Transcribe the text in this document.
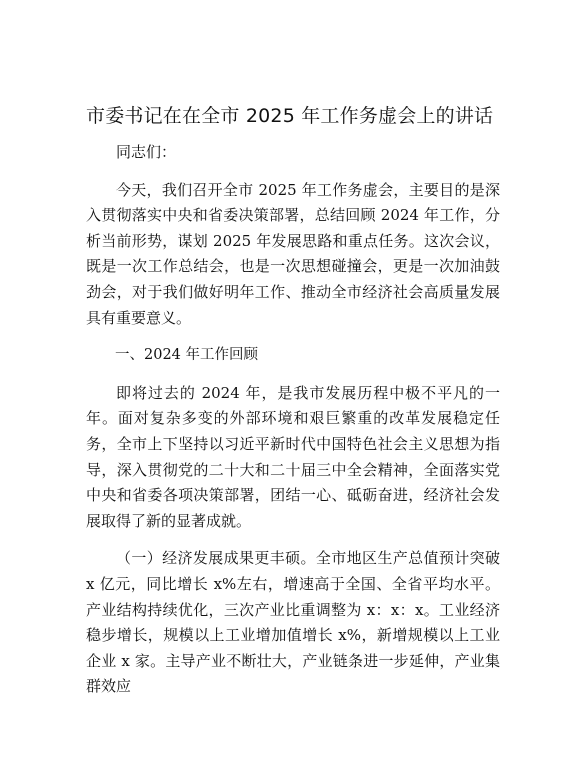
市委书记在在全市 2025 年工作务虚会上的讲话

同志们：

今天，我们召开全市 2025 年工作务虚会，主要目的是深入贯彻落实中央和省委决策部署，总结回顾 2024 年工作，分析当前形势，谋划 2025 年发展思路和重点任务。这次会议，既是一次工作总结会，也是一次思想碰撞会，更是一次加油鼓劲会，对于我们做好明年工作、推动全市经济社会高质量发展具有重要意义。

一、2024 年工作回顾

即将过去的 2024 年，是我市发展历程中极不平凡的一年。面对复杂多变的外部环境和艰巨繁重的改革发展稳定任务，全市上下坚持以习近平新时代中国特色社会主义思想为指导，深入贯彻党的二十大和二十届三中全会精神，全面落实党中央和省委各项决策部署，团结一心、砥砺奋进，经济社会发展取得了新的显著成就。

（一）经济发展成果更丰硕。全市地区生产总值预计突破 x 亿元，同比增长 x%左右，增速高于全国、全省平均水平。产业结构持续优化，三次产业比重调整为 x：x：x。工业经济稳步增长，规模以上工业增加值增长 x%，新增规模以上工业企业 x 家。主导产业不断壮大，产业链条进一步延伸，产业集群效应
